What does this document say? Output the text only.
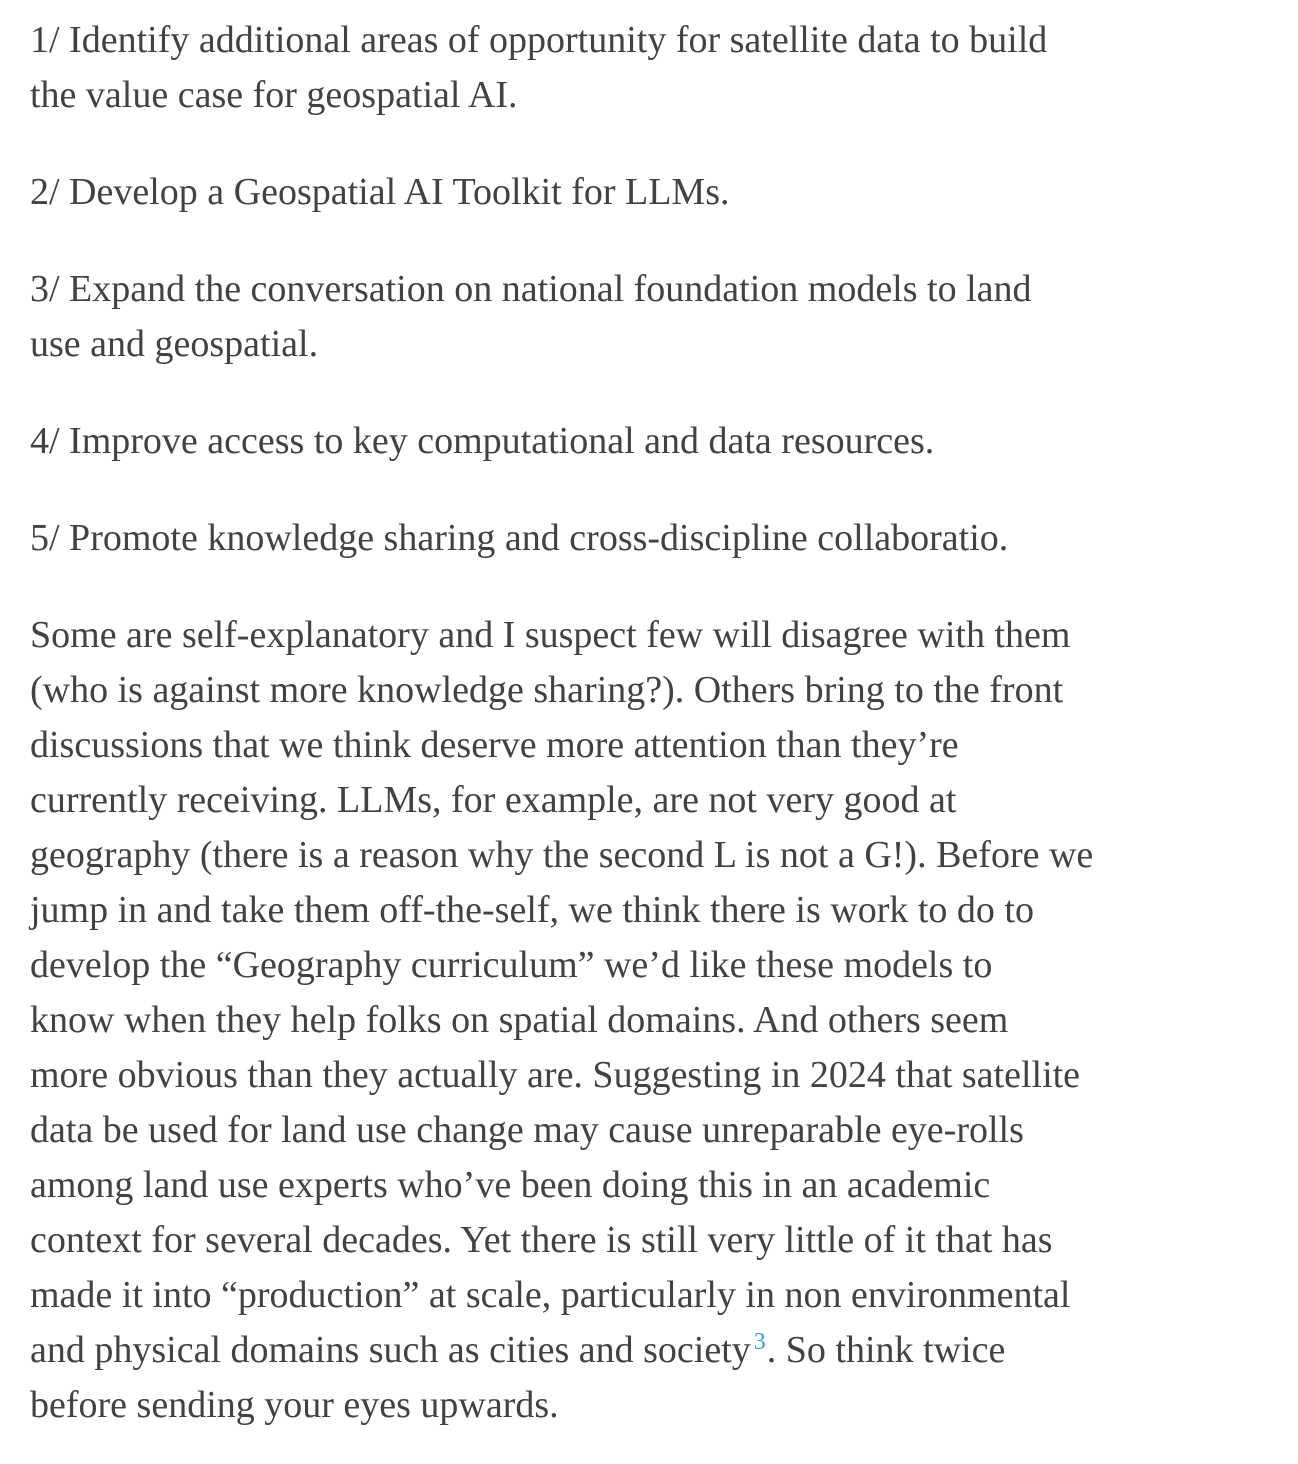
1/ Identify additional areas of opportunity for satellite data to build
the value case for geospatial AI.
2/ Develop a Geospatial AI Toolkit for LLMs.
3/ Expand the conversation on national foundation models to land
use and geospatial.
4/ Improve access to key computational and data resources.
5/ Promote knowledge sharing and cross-discipline collaboratio.
Some are self-explanatory and I suspect few will disagree with them
(who is against more knowledge sharing?). Others bring to the front
discussions that we think deserve more attention than they’re
currently receiving. LLMs, for example, are not very good at
geography (there is a reason why the second L is not a G!). Before we
jump in and take them off-the-self, we think there is work to do to
develop the “Geography curriculum” we’d like these models to
know when they help folks on spatial domains. And others seem
more obvious than they actually are. Suggesting in 2024 that satellite
data be used for land use change may cause unreparable eye-rolls
among land use experts who’ve been doing this in an academic
context for several decades. Yet there is still very little of it that has
made it into “production” at scale, particularly in non environmental
and physical domains such as cities and society $^3$. So think twice
before sending your eyes upwards.
